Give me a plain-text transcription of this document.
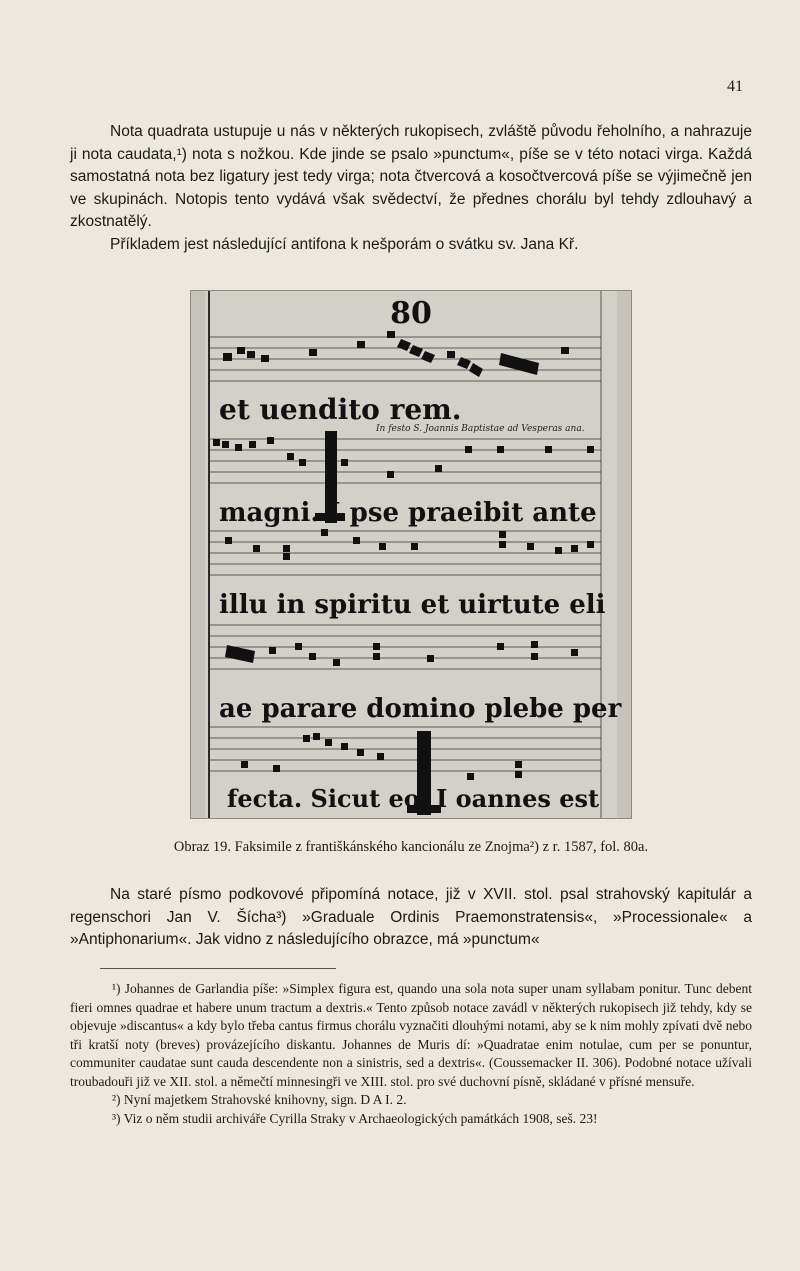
41

Nota quadrata ustupuje u nás v některých rukopisech, zvláště původu řeholního, a nahrazuje ji nota caudata,¹) nota s nožkou. Kde jinde se psalo »punctum«, píše se v této notaci virga. Každá samostatná nota bez ligatury jest tedy virga; nota čtvercová a kosočtvercová píše se výjimečně jen ve skupinách. Notopis tento vydává však svědectví, že přednes chorálu byl tehdy zdlouhavý a zkostnatělý.

Příkladem jest následující antifona k nešporám o svátku sv. Jana Kř.

80
et uendito rem.
In festo S. Joannis Baptistae ad Vesperas ana.
magni. I pse praeibit ante
illu in spiritu et uirtute eli
ae parare domino plebe per
fecta. Sicut eo. I oannes est
Obraz 19. Faksimile z františkánského kancionálu ze Znojma²) z r. 1587, fol. 80a.

Na staré písmo podkovové připomíná notace, již v XVII. stol. psal strahovský kapitulár a regenschori Jan V. Šícha³) »Graduale Ordinis Praemonstratensis«, »Processionale« a »Antiphonarium«. Jak vidno z následujícího obrazce, má »punctum«

¹) Johannes de Garlandia píše: »Simplex figura est, quando una sola nota super unam syllabam ponitur. Tunc debent fieri omnes quadrae et habere unum tractum a dextris.« Tento způsob notace zavádl v některých rukopisech již tehdy, kdy se objevuje »discantus« a kdy bylo třeba cantus firmus chorálu vyznačiti dlouhými notami, aby se k nim mohly zpívati dvě nebo tři kratší noty (breves) provázejícího diskantu. Johannes de Muris dí: »Quadratae enim notulae, cum per se ponuntur, communiter caudatae sunt cauda descendente non a sinistris, sed a dextris«. (Coussemacker II. 306). Podobné notace užívali troubadouři již ve XII. stol. a němečtí minnesingři ve XIII. stol. pro své duchovní písně, skládané v přísné mensuře.

²) Nyní majetkem Strahovské knihovny, sign. D A I. 2.

³) Viz o něm studii archiváře Cyrilla Straky v Archaeologických památkách 1908, seš. 23!
